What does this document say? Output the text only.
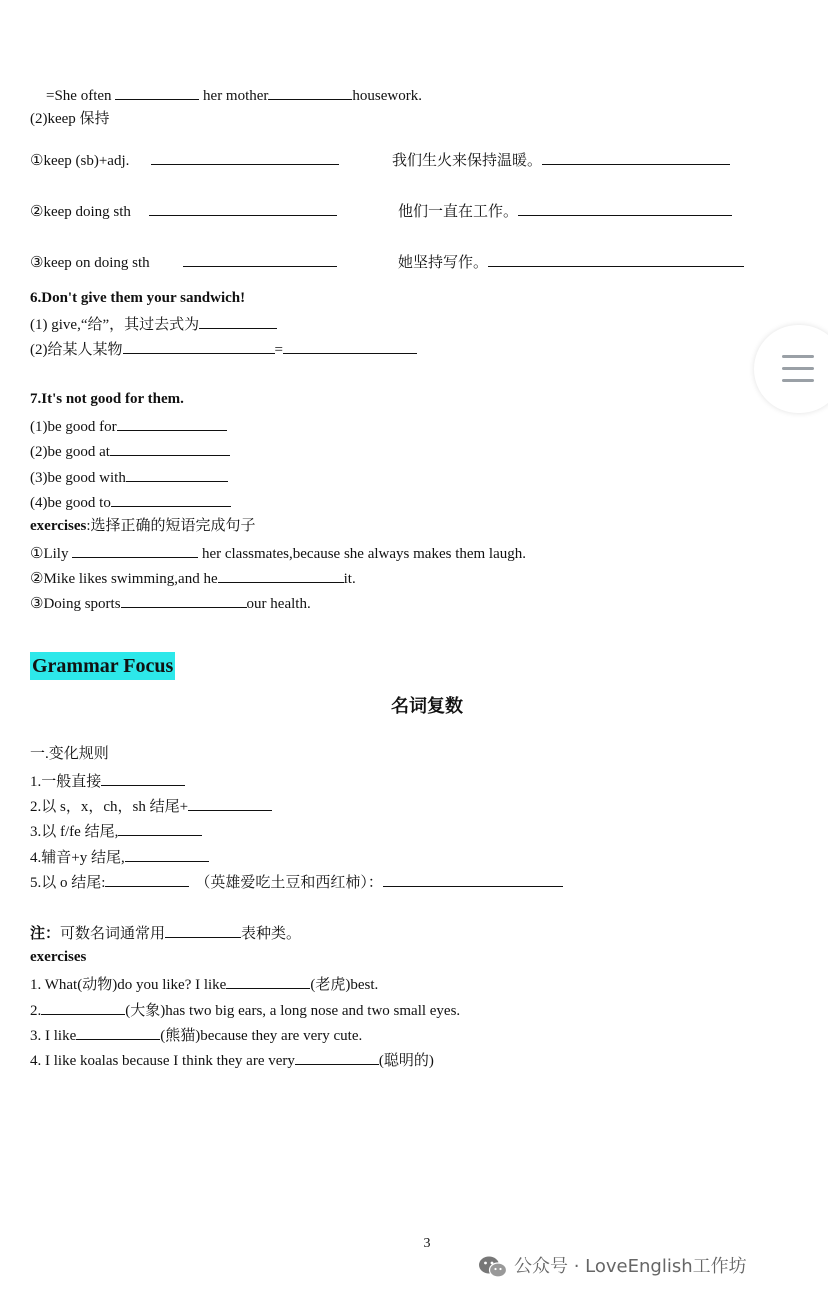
=She often	her mother	housework.
(2)keep 保持
①keep (sb)+adj.	我们生火来保持温暖。
②keep doing sth	他们一直在工作。
③keep on doing sth	她坚持写作。
6.Don't give them your sandwich!
(1) give,“给”，其过去式为
(2)给某人某物	=
7.It's not good for them.
(1)be good for
(2)be good at
(3)be good with
(4)be good to
exercises:选择正确的短语完成句子
①Lily	her classmates,because she always makes them laugh.
②Mike likes swimming,and he	it.
③Doing sports	our health.
Grammar Focus
名词复数
一.变化规则
1.一般直接
2.以 s，x，ch，sh 结尾+
3.以 f/fe 结尾,
4.辅音+y 结尾,
5.以 o 结尾:	（英雄爱吃土豆和西红柿）：
注：可数名词通常用	表种类。
exercises
1. What(动物)do you like? I like	(老虎)best.
2.	(大象)has two big ears, a long nose and two small eyes.
3. I like	(熊猫)because they are very cute.
4. I like koalas because I think they are very	(聪明的)
3
公众号 · LoveEnglish工作坊
